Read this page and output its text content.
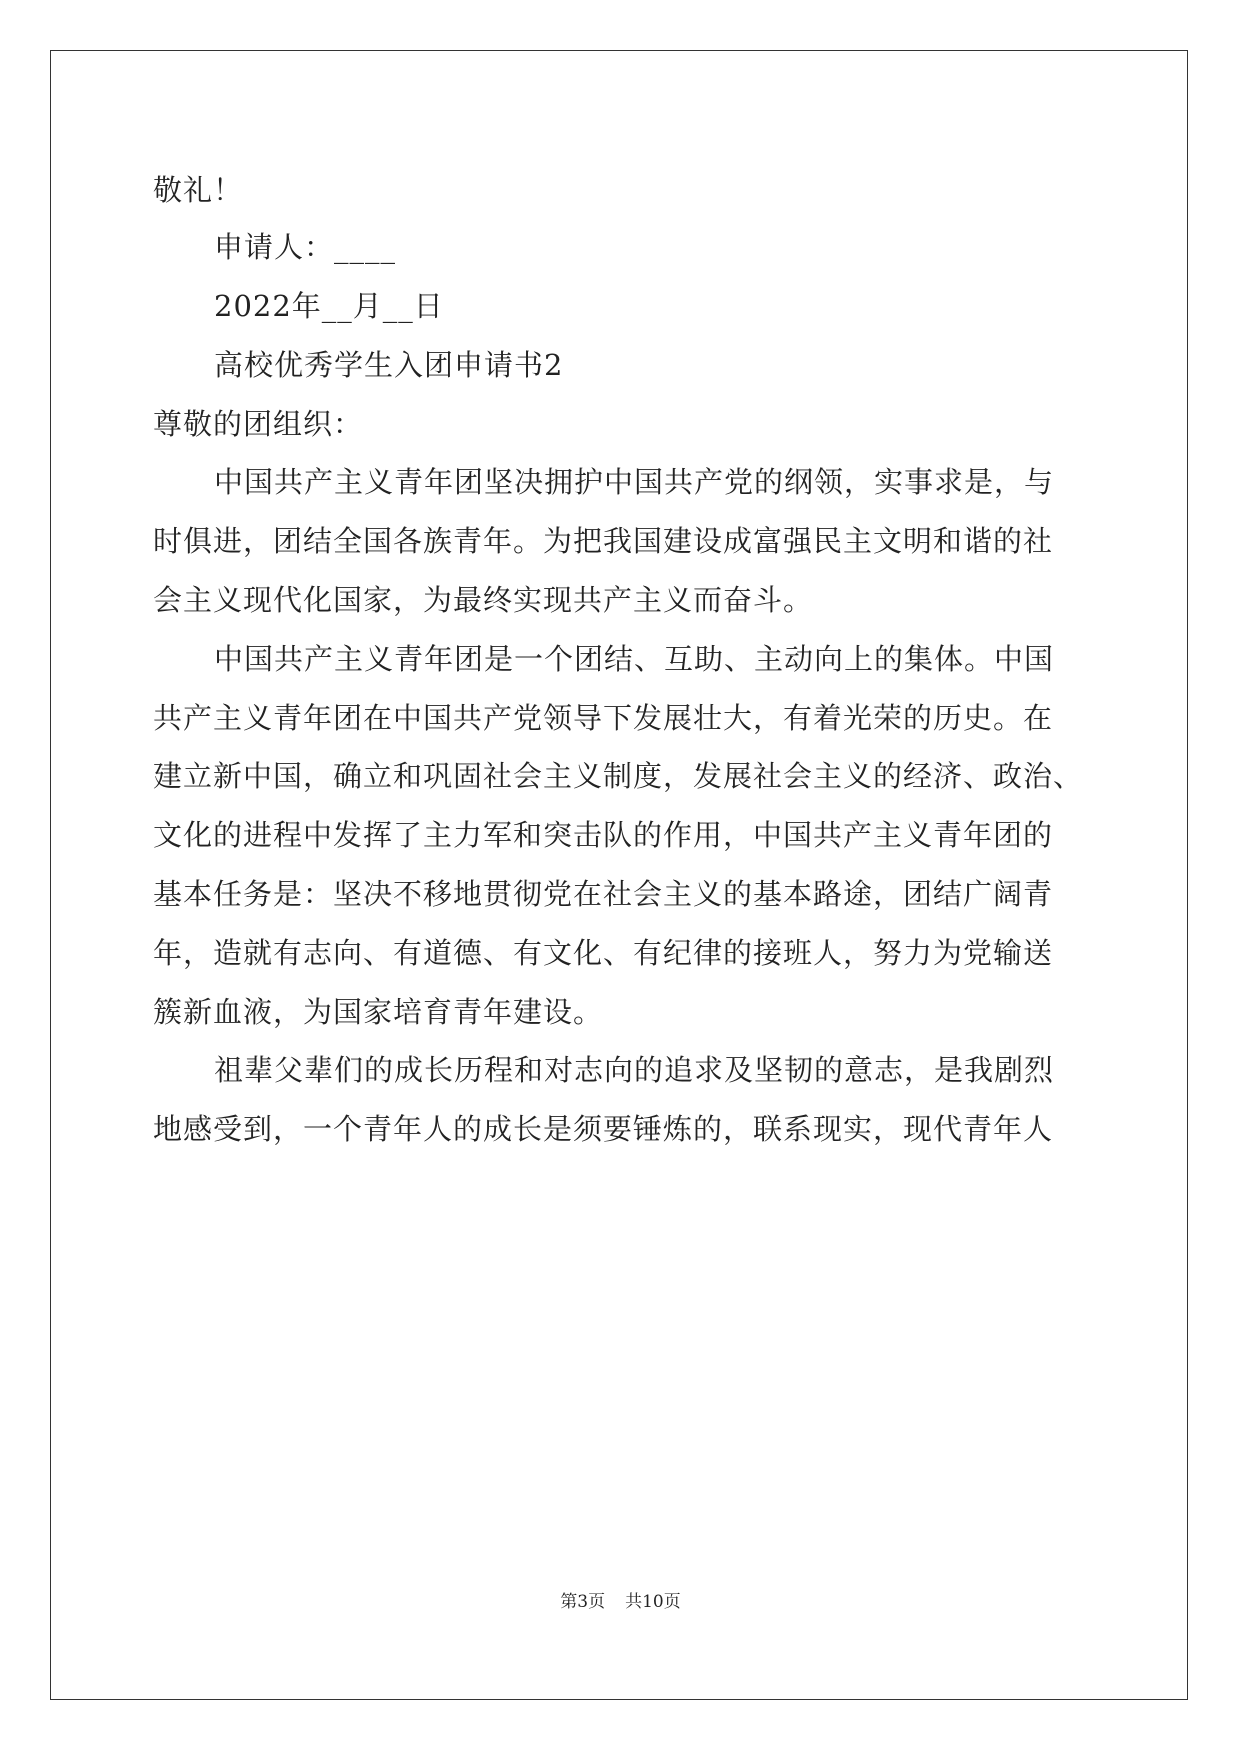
敬礼！
申请人：____
2022年__月__日
高校优秀学生入团申请书2
尊敬的团组织：
中国共产主义青年团坚决拥护中国共产党的纲领，实事求是，与
时俱进，团结全国各族青年。为把我国建设成富强民主文明和谐的社
会主义现代化国家，为最终实现共产主义而奋斗。
中国共产主义青年团是一个团结、互助、主动向上的集体。中国
共产主义青年团在中国共产党领导下发展壮大，有着光荣的历史。在
建立新中国，确立和巩固社会主义制度，发展社会主义的经济、政治、
文化的进程中发挥了主力军和突击队的作用，中国共产主义青年团的
基本任务是：坚决不移地贯彻党在社会主义的基本路途，团结广阔青
年，造就有志向、有道德、有文化、有纪律的接班人，努力为党输送
簇新血液，为国家培育青年建设。
祖辈父辈们的成长历程和对志向的追求及坚韧的意志，是我剧烈
地感受到，一个青年人的成长是须要锤炼的，联系现实，现代青年人
第3页 共10页
